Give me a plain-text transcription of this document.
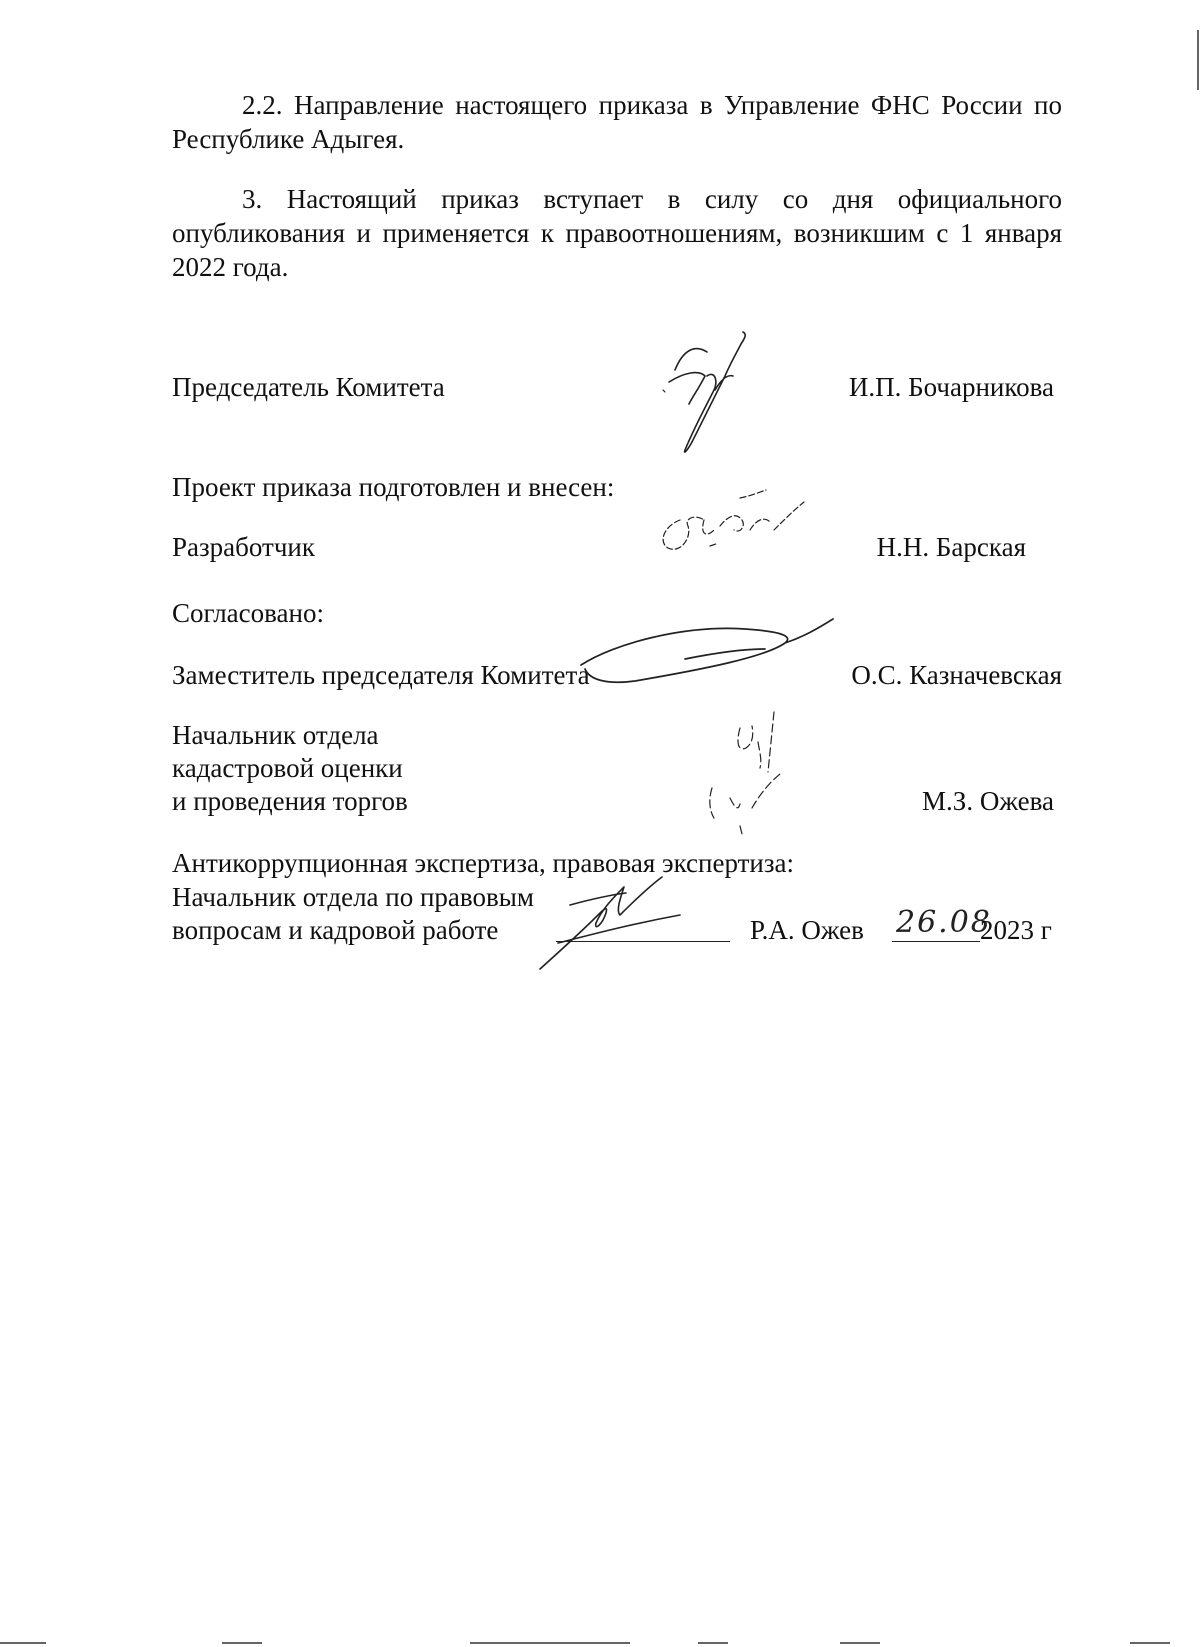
2.2. Направление настоящего приказа в Управление ФНС России по
Республике Адыгея.
3. Настоящий приказ вступает в силу со дня официального
опубликования и применяется к правоотношениям, возникшим с 1 января
2022 года.
Председатель Комитета	И.П. Бочарникова
Проект приказа подготовлен и внесен:
Разработчик	Н.Н. Барская
Согласовано:
Заместитель председателя Комитета	О.С. Казначевская
Начальник отдела
кадастровой оценки
и проведения торгов	М.З. Ожева
Антикоррупционная экспертиза, правовая экспертиза:
Начальник отдела по правовым
вопросам и кадровой работе	Р.А. Ожев 26.08
2023 г
